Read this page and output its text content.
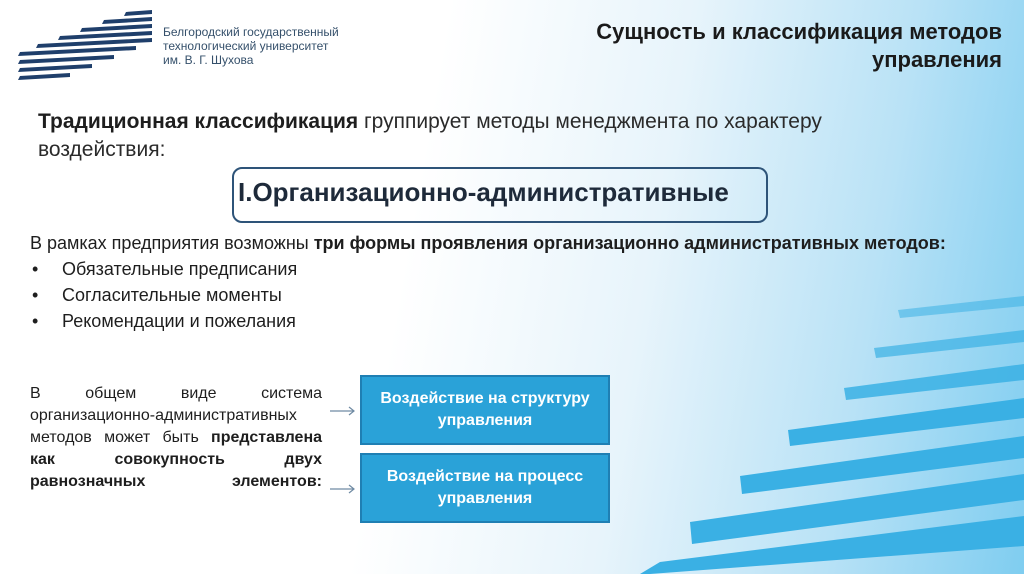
Белгородский государственный
технологический университет
им. В. Г. Шухова
Сущность и классификация методов
управления
Традиционная классификация группирует методы менеджмента по характеру воздействия:
I.Организационно-административные
В рамках предприятия возможны три формы проявления организационно административных методов:
• Обязательные предписания
• Согласительные моменты
• Рекомендации и пожелания
В общем виде система организационно-административных методов может быть представлена как совокупность двух равнозначных элементов:
Воздействие на структуру управления
Воздействие на процесс управления
